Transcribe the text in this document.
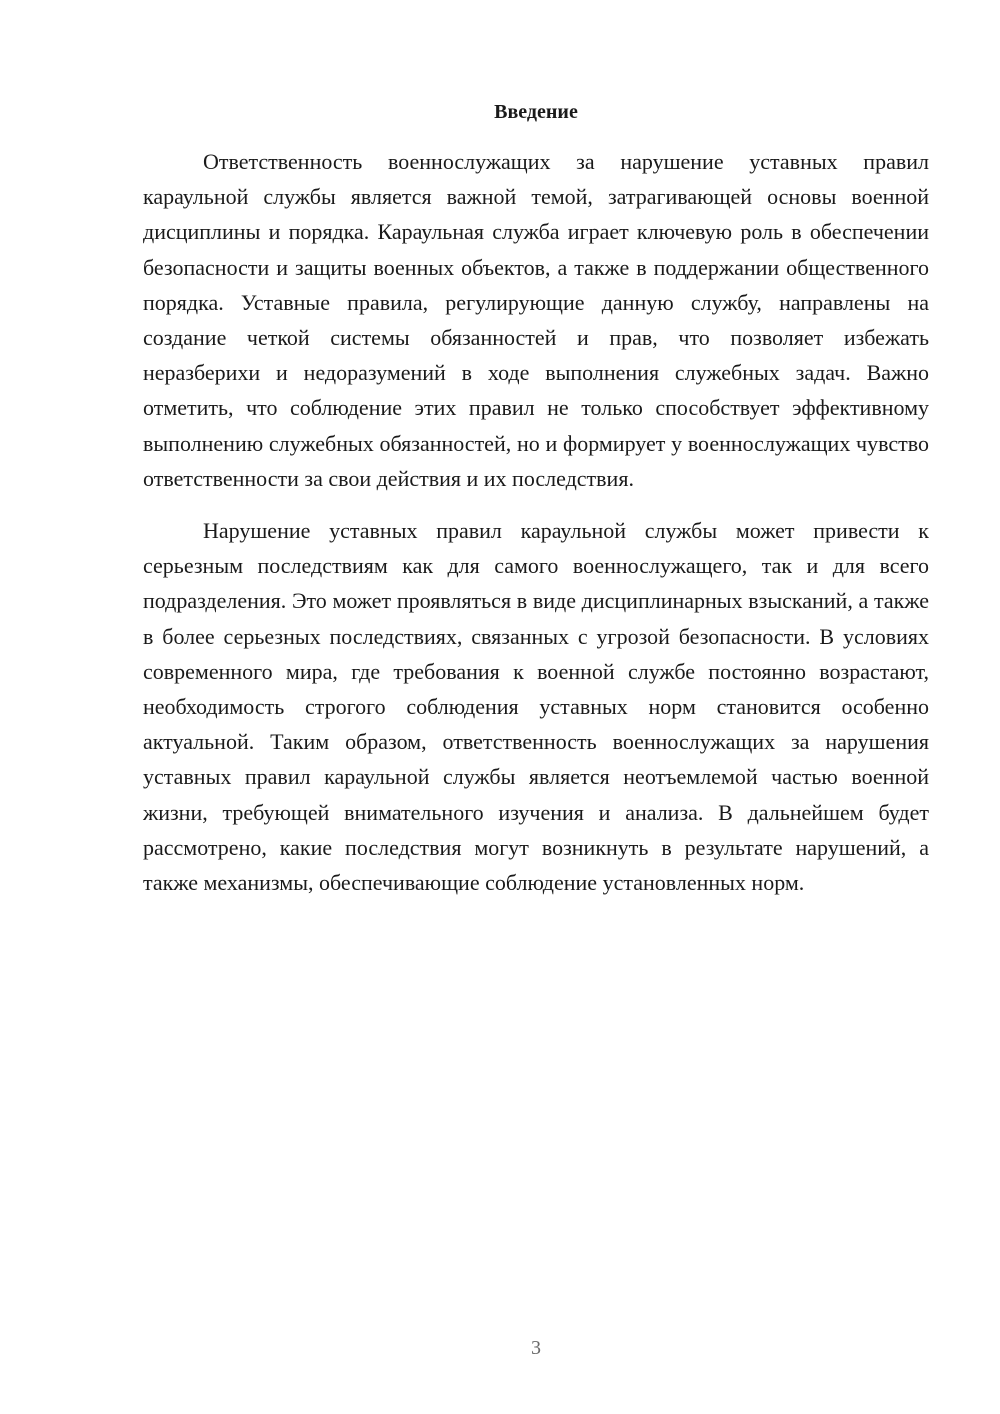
Введение

Ответственность военнослужащих за нарушение уставных правил караульной службы является важной темой, затрагивающей основы военной дисциплины и порядка. Караульная служба играет ключевую роль в обеспечении безопасности и защиты военных объектов, а также в поддержании общественного порядка. Уставные правила, регулирующие данную службу, направлены на создание четкой системы обязанностей и прав, что позволяет избежать неразберихи и недоразумений в ходе выполнения служебных задач. Важно отметить, что соблюдение этих правил не только способствует эффективному выполнению служебных обязанностей, но и формирует у военнослужащих чувство ответственности за свои действия и их последствия.

Нарушение уставных правил караульной службы может привести к серьезным последствиям как для самого военнослужащего, так и для всего подразделения. Это может проявляться в виде дисциплинарных взысканий, а также в более серьезных последствиях, связанных с угрозой безопасности. В условиях современного мира, где требования к военной службе постоянно возрастают, необходимость строгого соблюдения уставных норм становится особенно актуальной. Таким образом, ответственность военнослужащих за нарушения уставных правил караульной службы является неотъемлемой частью военной жизни, требующей внимательного изучения и анализа. В дальнейшем будет рассмотрено, какие последствия могут возникнуть в результате нарушений, а также механизмы, обеспечивающие соблюдение установленных норм.

3
